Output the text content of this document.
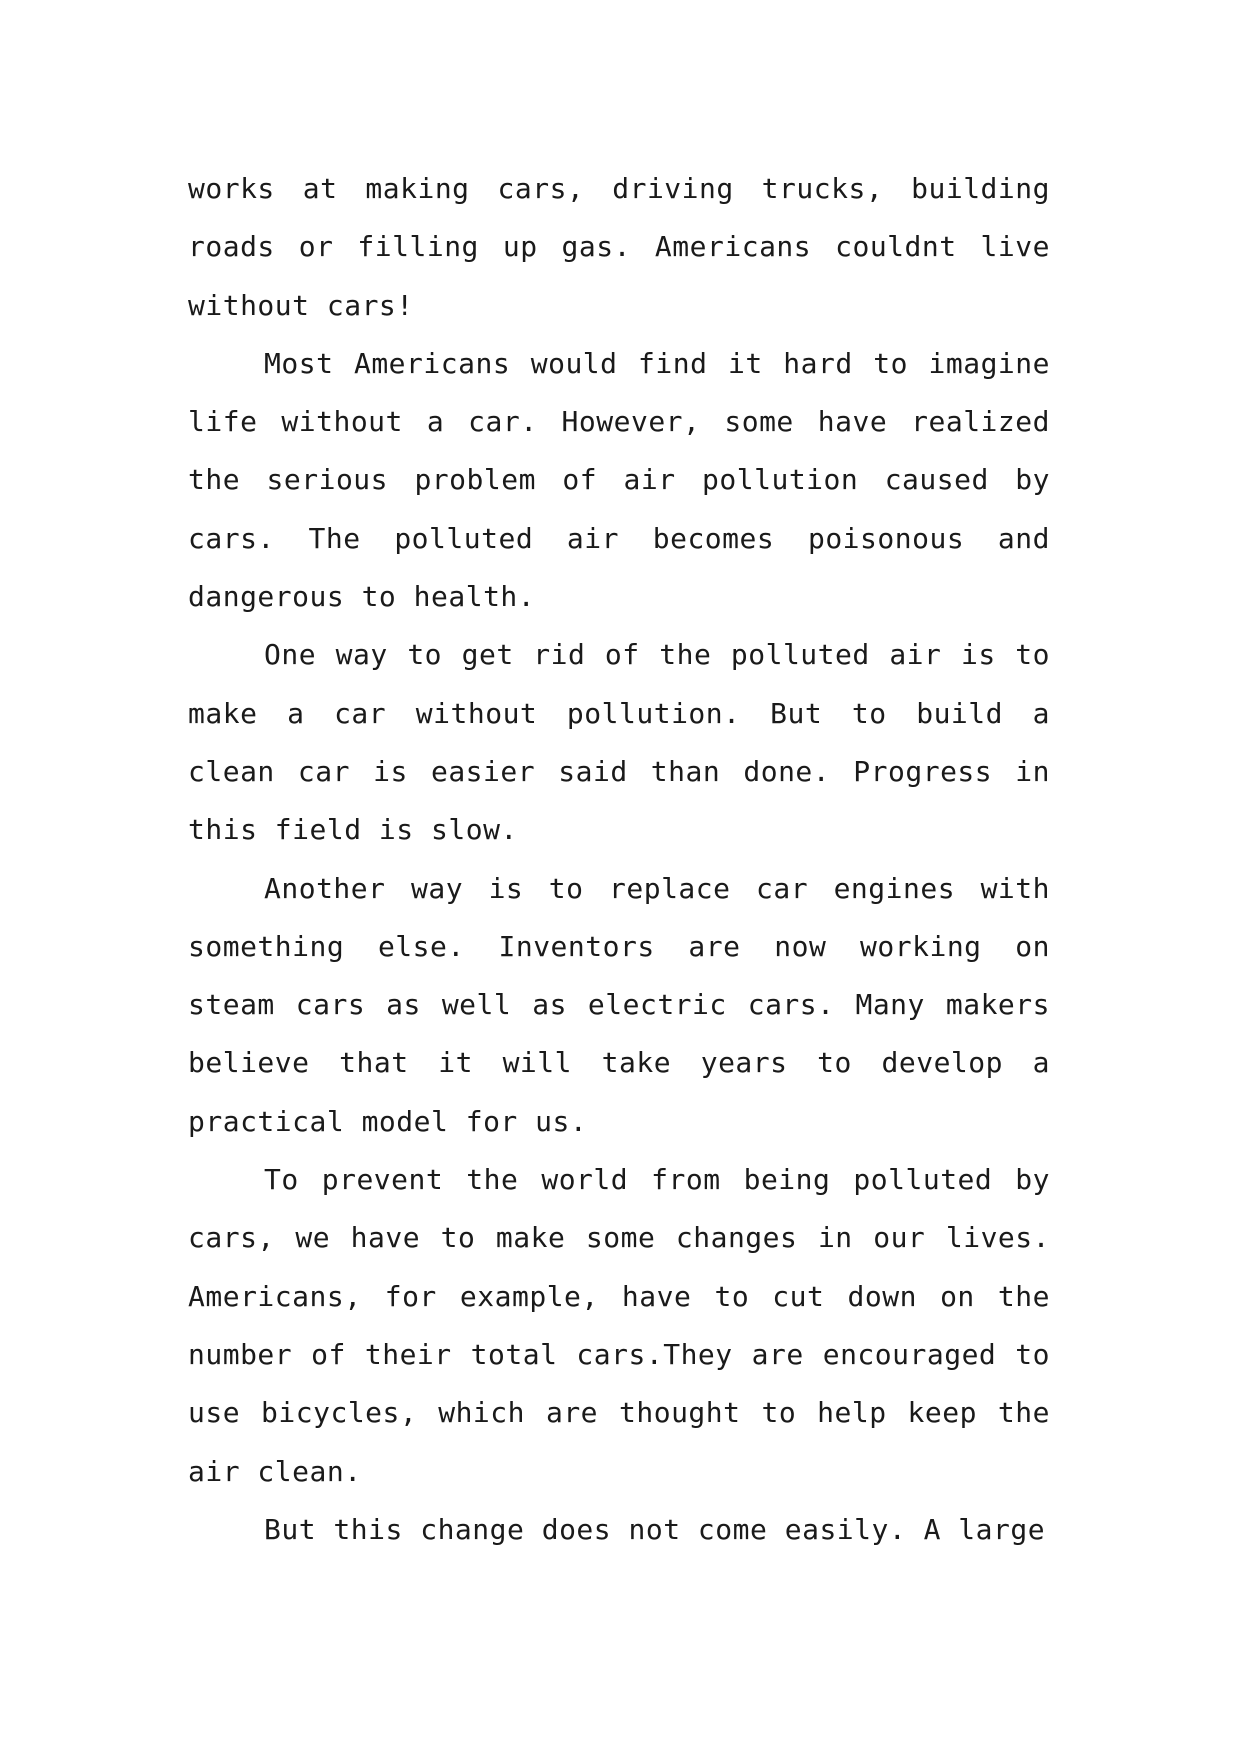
works at making cars, driving trucks, building roads or filling up gas. Americans couldnt live without cars!

Most Americans would find it hard to imagine life without a car. However, some have realized the serious problem of air pollution caused by cars. The polluted air becomes poisonous and dangerous to health.

One way to get rid of the polluted air is to make a car without pollution. But to build a clean car is easier said than done. Progress in this field is slow.

Another way is to replace car engines with something else. Inventors are now working on steam cars as well as electric cars. Many makers believe that it will take years to develop a practical model for us.

To prevent the world from being polluted by cars, we have to make some changes in our lives. Americans, for example, have to cut down on the number of their total cars.They are encouraged to use bicycles, which are thought to help keep the air clean.

But this change does not come easily. A large
